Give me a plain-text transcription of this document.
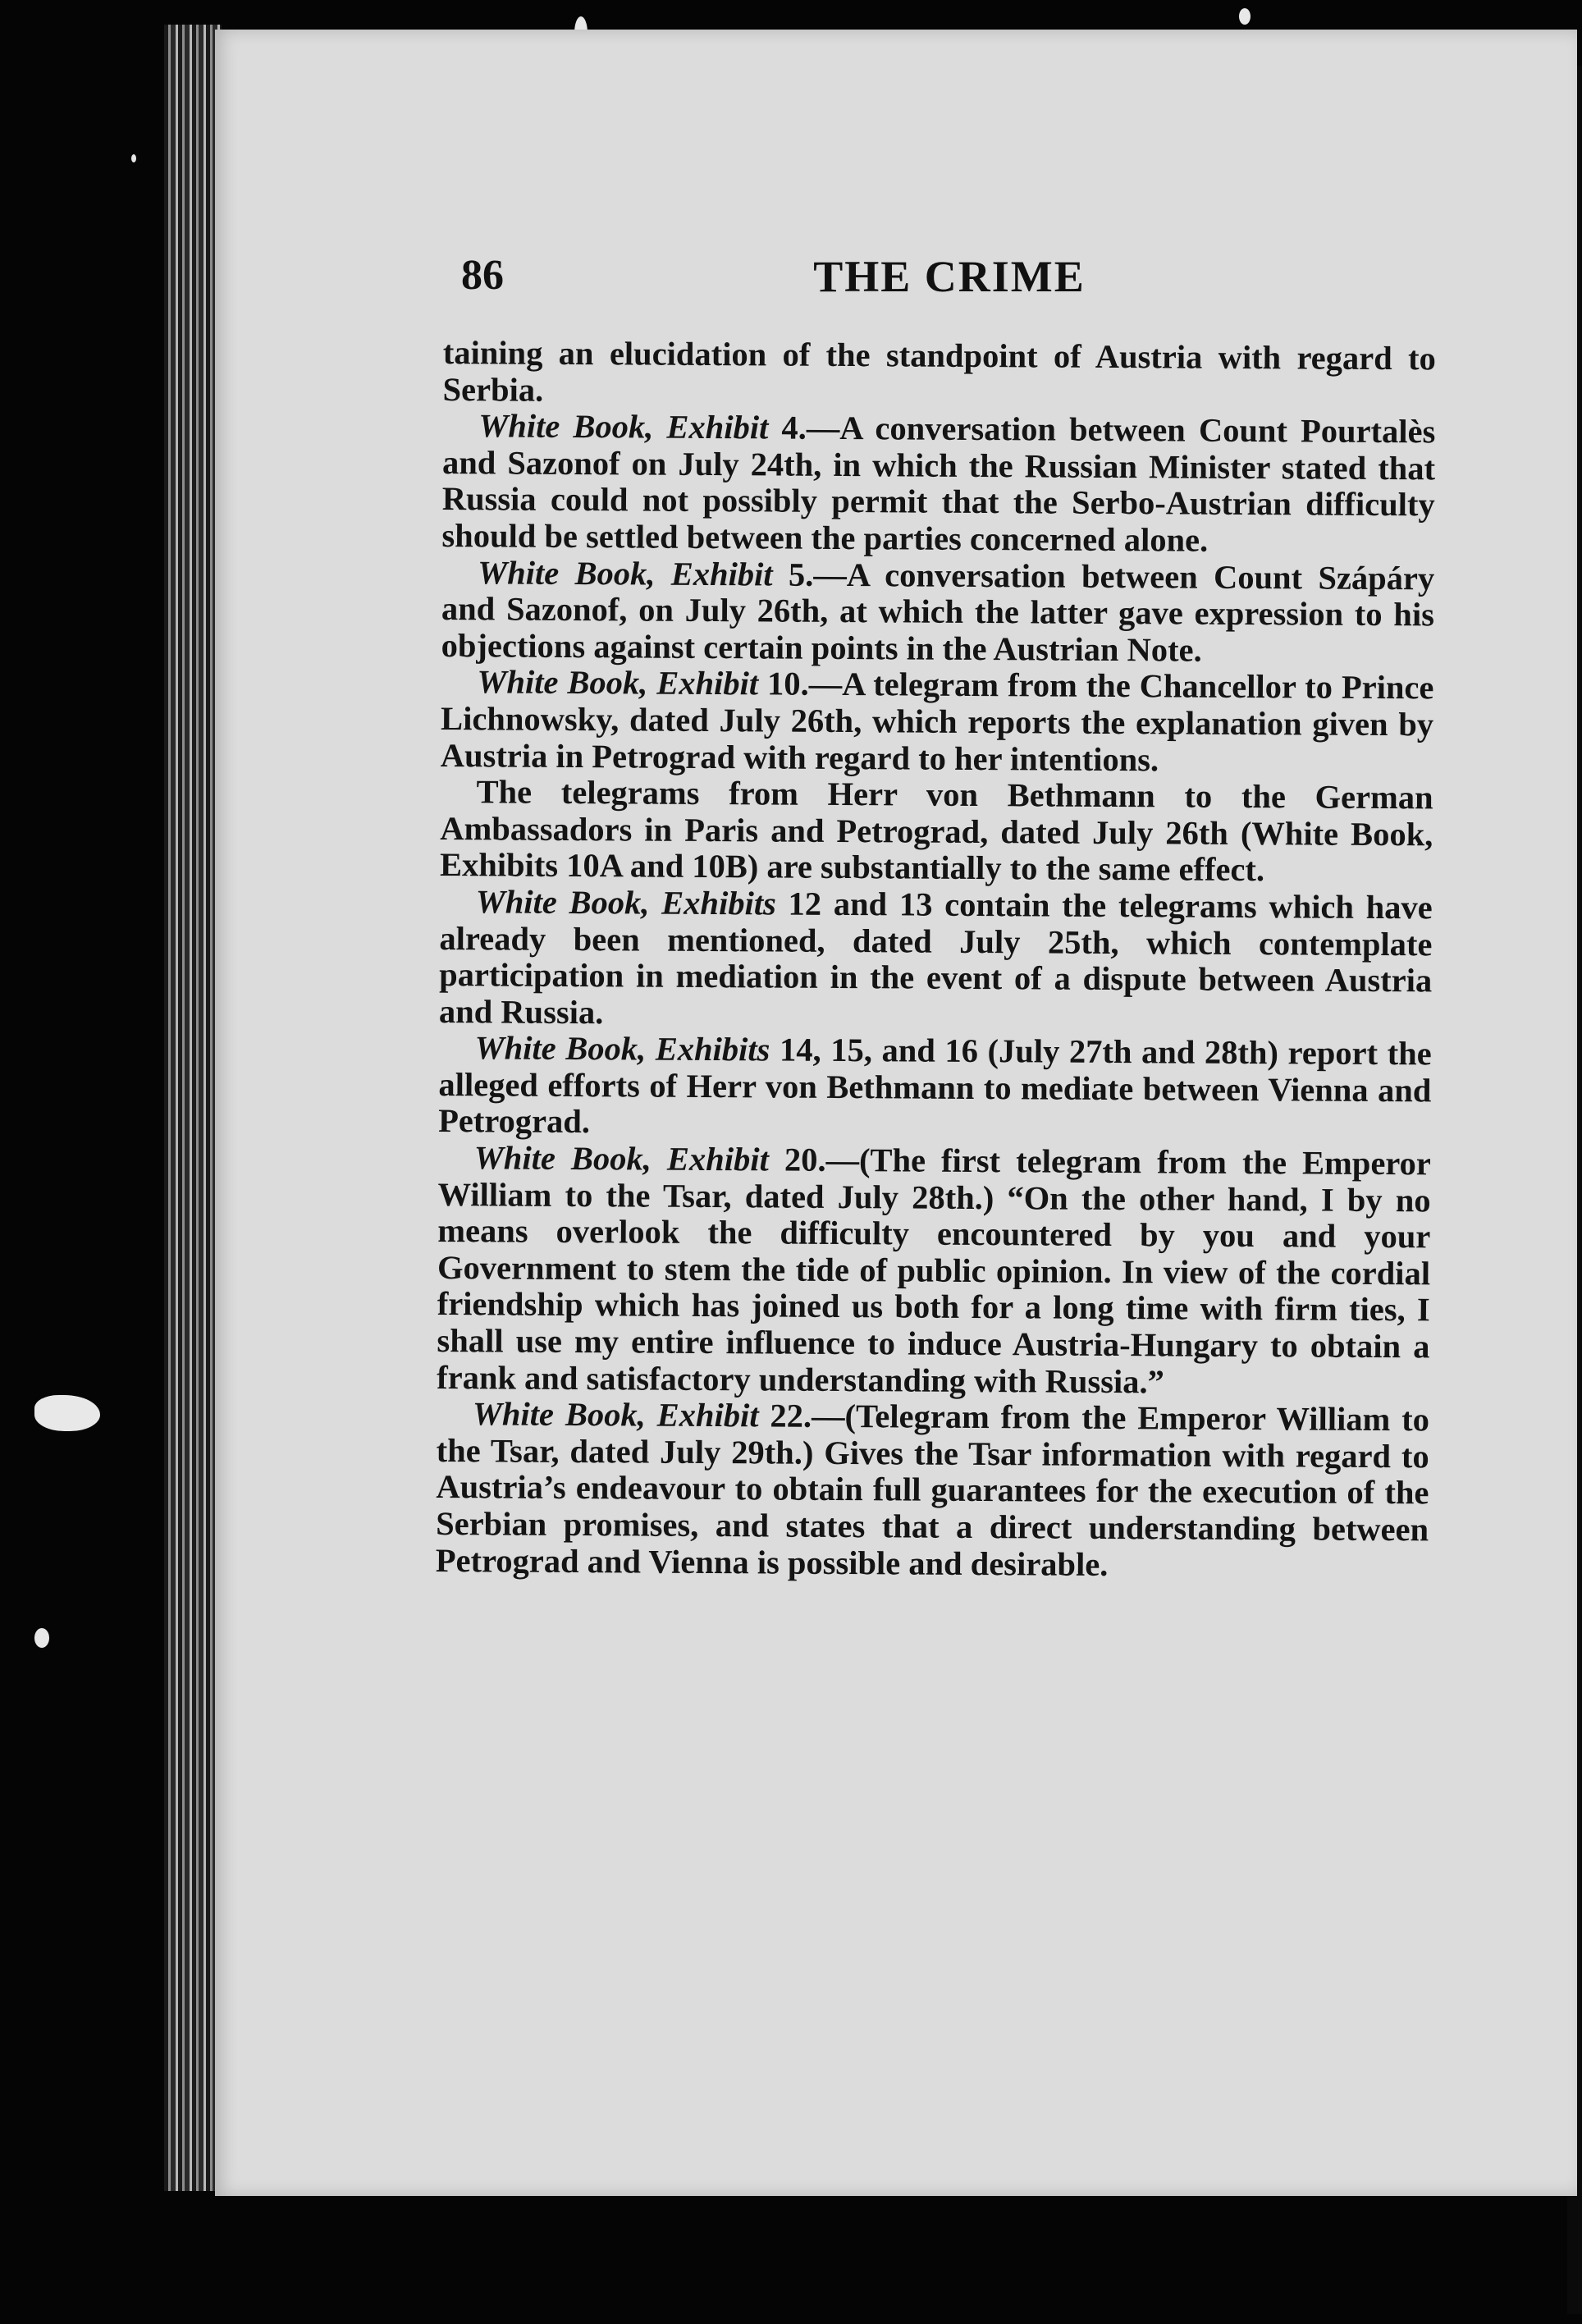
86	THE CRIME

taining an elucidation of the standpoint of Austria with regard to Serbia.

White Book, Exhibit 4.—A conversation between Count Pourtalès and Sazonof on July 24th, in which the Russian Minister stated that Russia could not possibly permit that the Serbo-Austrian difficulty should be settled between the parties concerned alone.

White Book, Exhibit 5.—A conversation between Count Szápáry and Sazonof, on July 26th, at which the latter gave expression to his objections against certain points in the Austrian Note.

White Book, Exhibit 10.—A telegram from the Chancellor to Prince Lichnowsky, dated July 26th, which reports the explanation given by Austria in Petrograd with regard to her intentions.

The telegrams from Herr von Bethmann to the German Ambassadors in Paris and Petrograd, dated July 26th (White Book, Exhibits 10A and 10B) are substantially to the same effect.

White Book, Exhibits 12 and 13 contain the telegrams which have already been mentioned, dated July 25th, which contemplate participation in mediation in the event of a dispute between Austria and Russia.

White Book, Exhibits 14, 15, and 16 (July 27th and 28th) report the alleged efforts of Herr von Bethmann to mediate between Vienna and Petrograd.

White Book, Exhibit 20.—(The first telegram from the Emperor William to the Tsar, dated July 28th.) “On the other hand, I by no means overlook the difficulty encountered by you and your Government to stem the tide of public opinion. In view of the cordial friendship which has joined us both for a long time with firm ties, I shall use my entire influence to induce Austria-Hungary to obtain a frank and satisfactory understanding with Russia.”

White Book, Exhibit 22.—(Telegram from the Emperor William to the Tsar, dated July 29th.) Gives the Tsar information with regard to Austria’s endeavour to obtain full guarantees for the execution of the Serbian promises, and states that a direct understanding between Petrograd and Vienna is possible and desirable.
